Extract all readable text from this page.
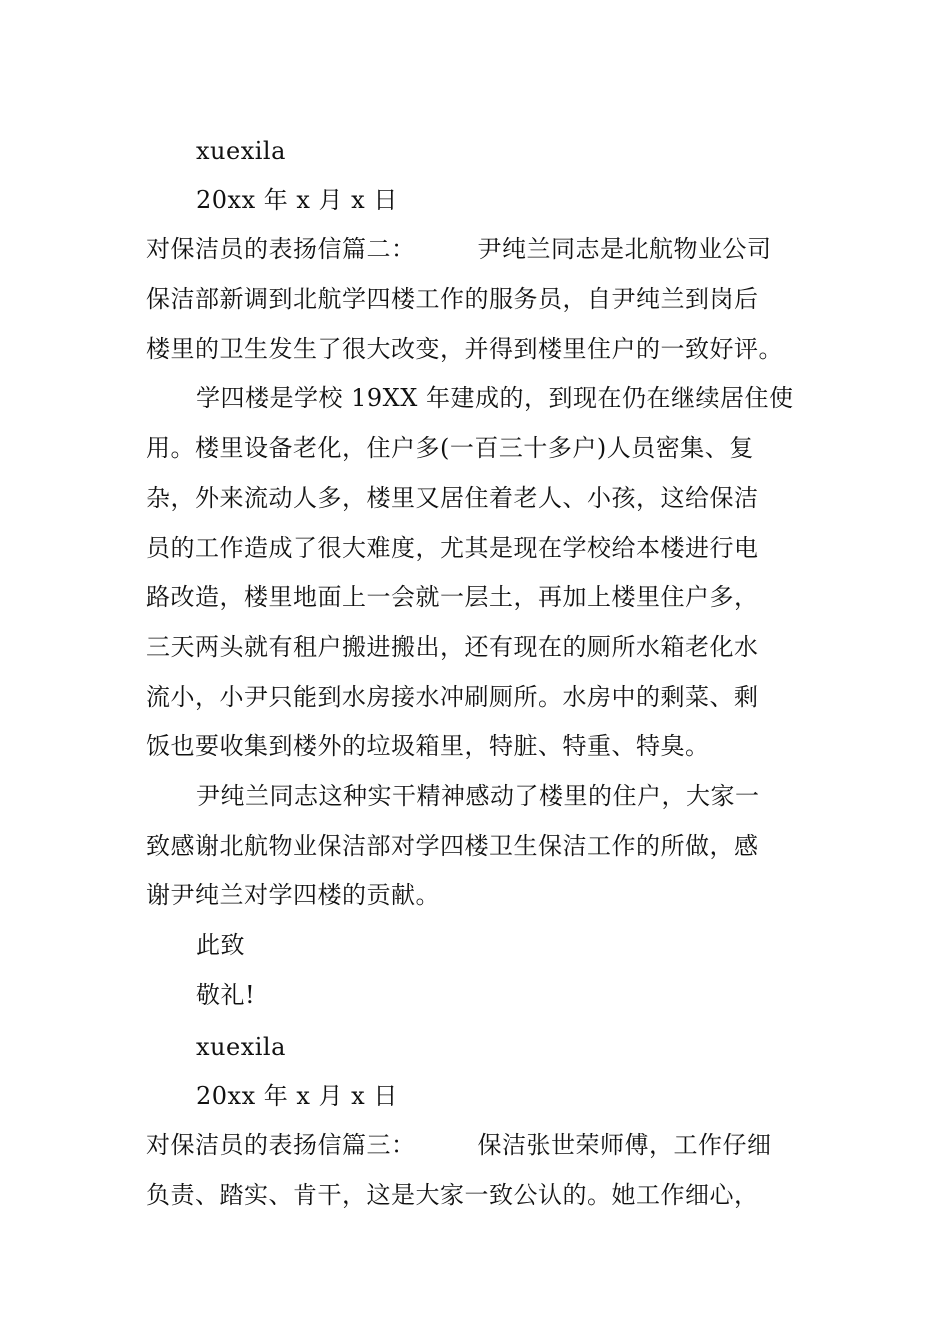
xuexila
20xx 年 x 月 x 日
对保洁员的表扬信篇二：	尹纯兰同志是北航物业公司
保洁部新调到北航学四楼工作的服务员，自尹纯兰到岗后
楼里的卫生发生了很大改变，并得到楼里住户的一致好评。
学四楼是学校 19XX 年建成的，到现在仍在继续居住使
用。楼里设备老化，住户多(一百三十多户)人员密集、复
杂，外来流动人多，楼里又居住着老人、小孩，这给保洁
员的工作造成了很大难度，尤其是现在学校给本楼进行电
路改造，楼里地面上一会就一层土，再加上楼里住户多，
三天两头就有租户搬进搬出，还有现在的厕所水箱老化水
流小，小尹只能到水房接水冲刷厕所。水房中的剩菜、剩
饭也要收集到楼外的垃圾箱里，特脏、特重、特臭。
尹纯兰同志这种实干精神感动了楼里的住户，大家一
致感谢北航物业保洁部对学四楼卫生保洁工作的所做，感
谢尹纯兰对学四楼的贡献。
此致
敬礼!
xuexila
20xx 年 x 月 x 日
对保洁员的表扬信篇三：	保洁张世荣师傅，工作仔细
负责、踏实、肯干，这是大家一致公认的。她工作细心，
